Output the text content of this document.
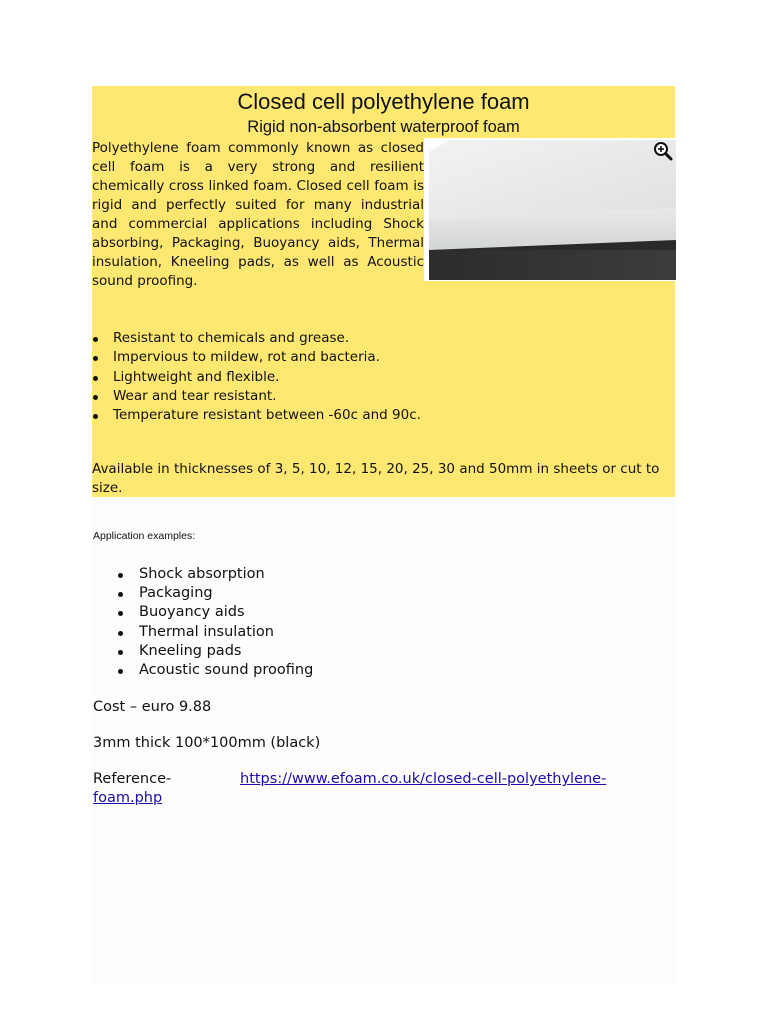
Closed cell polyethylene foam
Rigid non-absorbent waterproof foam

Polyethylene foam commonly known as closed cell foam is a very strong and resilient chemically cross linked foam. Closed cell foam is rigid and perfectly suited for many industrial and commercial applications including Shock absorbing, Packaging, Buoyancy aids, Thermal insulation, Kneeling pads, as well as Acoustic sound proofing.

Resistant to chemicals and grease.
Impervious to mildew, rot and bacteria.
Lightweight and flexible.
Wear and tear resistant.
Temperature resistant between -60c and 90c.

Available in thicknesses of 3, 5, 10, 12, 15, 20, 25, 30 and 50mm in sheets or cut to size.

Application examples:

Shock absorption
Packaging
Buoyancy aids
Thermal insulation
Kneeling pads
Acoustic sound proofing

Cost – euro 9.88

3mm thick 100*100mm (black)

Reference-	https://www.efoam.co.uk/closed-cell-polyethylene-
foam.php
